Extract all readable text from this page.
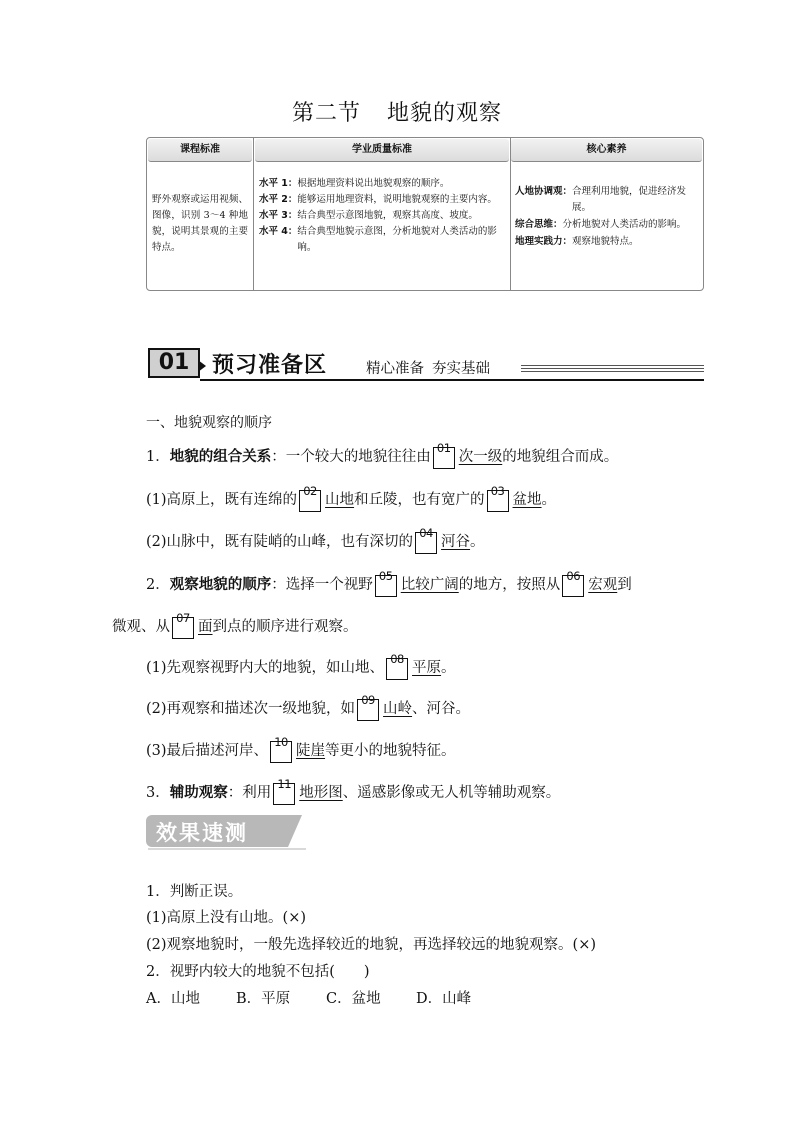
第二节 地貌的观察
课程标准
野外观察或运用视频、图像，识别 3～4 种地貌，说明其景观的主要特点。
学业质量标准
水平 1： 根据地理资料说出地貌观察的顺序。
水平 2： 能够运用地理资料，说明地貌观察的主要内容。
水平 3： 结合典型示意图地貌，观察其高度、坡度。
水平 4： 结合典型地貌示意图，分析地貌对人类活动的影响。
核心素养
人地协调观： 合理利用地貌，促进经济发展。
综合思维： 分析地貌对人类活动的影响。
地理实践力： 观察地貌特点。
01	预习准备区	精心准备 夯实基础
一、地貌观察的顺序
1．地貌的组合关系：一个较大的地貌往往由
01
次一级的地貌组合而成。
(1)高原上，既有连绵的
02
山地和丘陵，也有宽广的
03
盆地。
(2)山脉中，既有陡峭的山峰，也有深切的
04
河谷。
2．观察地貌的顺序：选择一个视野
05
比较广阔的地方，按照从
06
宏观到
微观、从
07
面到点的顺序进行观察。
(1)先观察视野内大的地貌，如山地、
08
平原。
(2)再观察和描述次一级地貌，如
09
山岭、河谷。
(3)最后描述河岸、
10
陡崖等更小的地貌特征。
3．辅助观察：利用
11
地形图、遥感影像或无人机等辅助观察。
效果速测
1．判断正误。
(1)高原上没有山地。(×)
(2)观察地貌时，一般先选择较近的地貌，再选择较远的地貌观察。(×)
2．视野内较大的地貌不包括(　　)
A．山地 B．平原 C．盆地 D．山峰
